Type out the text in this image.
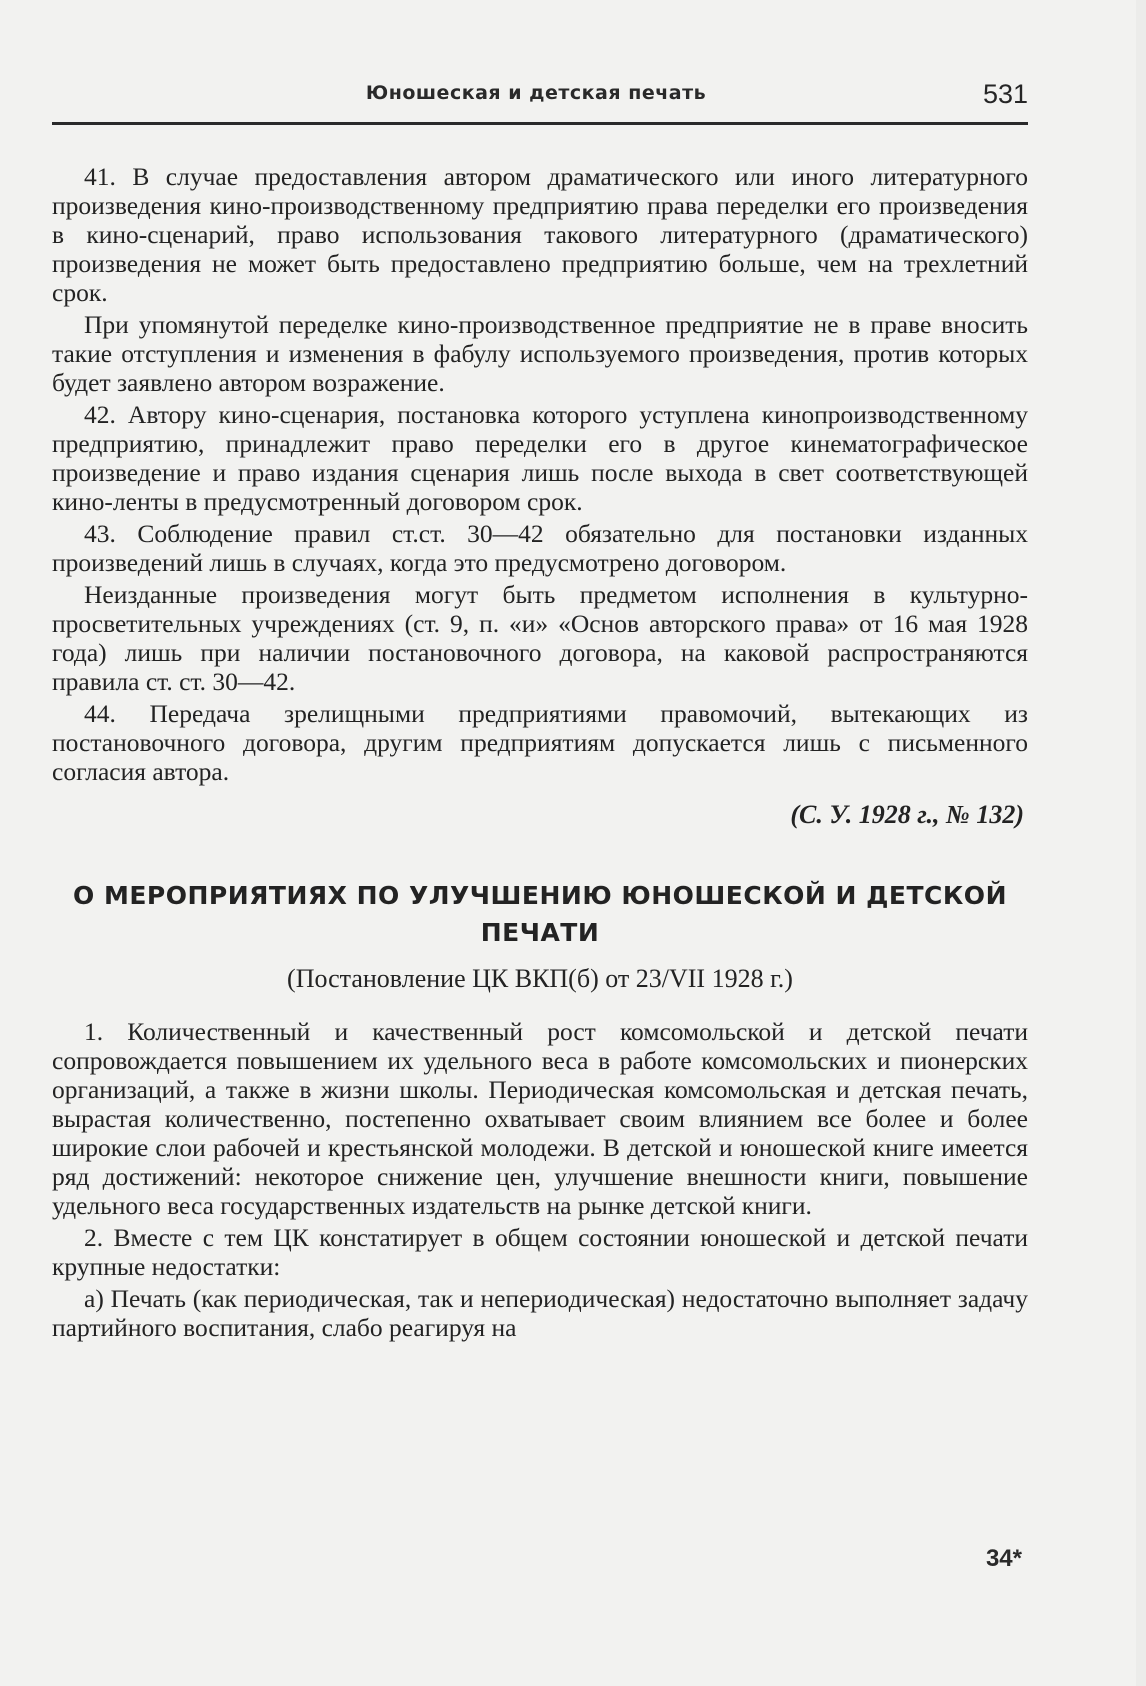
Юношеская и детская печать	531

41. В случае предоставления автором драматического или иного литературного произведения кино-производственному предприятию права переделки его произведения в кино-сценарий, право использования такового литературного (драматического) произведения не может быть предоставлено предприятию больше, чем на трехлетний срок.

При упомянутой переделке кино-производственное предприятие не в праве вносить такие отступления и изменения в фабулу используемого произведения, против которых будет заявлено автором возражение.

42. Автору кино-сценария, постановка которого уступлена кинопроизводственному предприятию, принадлежит право переделки его в другое кинематографическое произведение и право издания сценария лишь после выхода в свет соответствующей кино-ленты в предусмотренный договором срок.

43. Соблюдение правил ст.ст. 30—42 обязательно для постановки изданных произведений лишь в случаях, когда это предусмотрено договором.

Неизданные произведения могут быть предметом исполнения в культурно-просветительных учреждениях (ст. 9, п. «и» «Основ авторского права» от 16 мая 1928 года) лишь при наличии постановочного договора, на каковой распространяются правила ст. ст. 30—42.

44. Передача зрелищными предприятиями правомочий, вытекающих из постановочного договора, другим предприятиям допускается лишь с письменного согласия автора.

(С. У. 1928 г., № 132)

О МЕРОПРИЯТИЯХ ПО УЛУЧШЕНИЮ ЮНОШЕСКОЙ И ДЕТСКОЙ ПЕЧАТИ

(Постановление ЦК ВКП(б) от 23/VII 1928 г.)

1. Количественный и качественный рост комсомольской и детской печати сопровождается повышением их удельного веса в работе комсомольских и пионерских организаций, а также в жизни школы. Периодическая комсомольская и детская печать, вырастая количественно, постепенно охватывает своим влиянием все более и более широкие слои рабочей и крестьянской молодежи. В детской и юношеской книге имеется ряд достижений: некоторое снижение цен, улучшение внешности книги, повышение удельного веса государственных издательств на рынке детской книги.

2. Вместе с тем ЦК констатирует в общем состоянии юношеской и детской печати крупные недостатки:

а) Печать (как периодическая, так и непериодическая) недостаточно выполняет задачу партийного воспитания, слабо реагируя на

34*
